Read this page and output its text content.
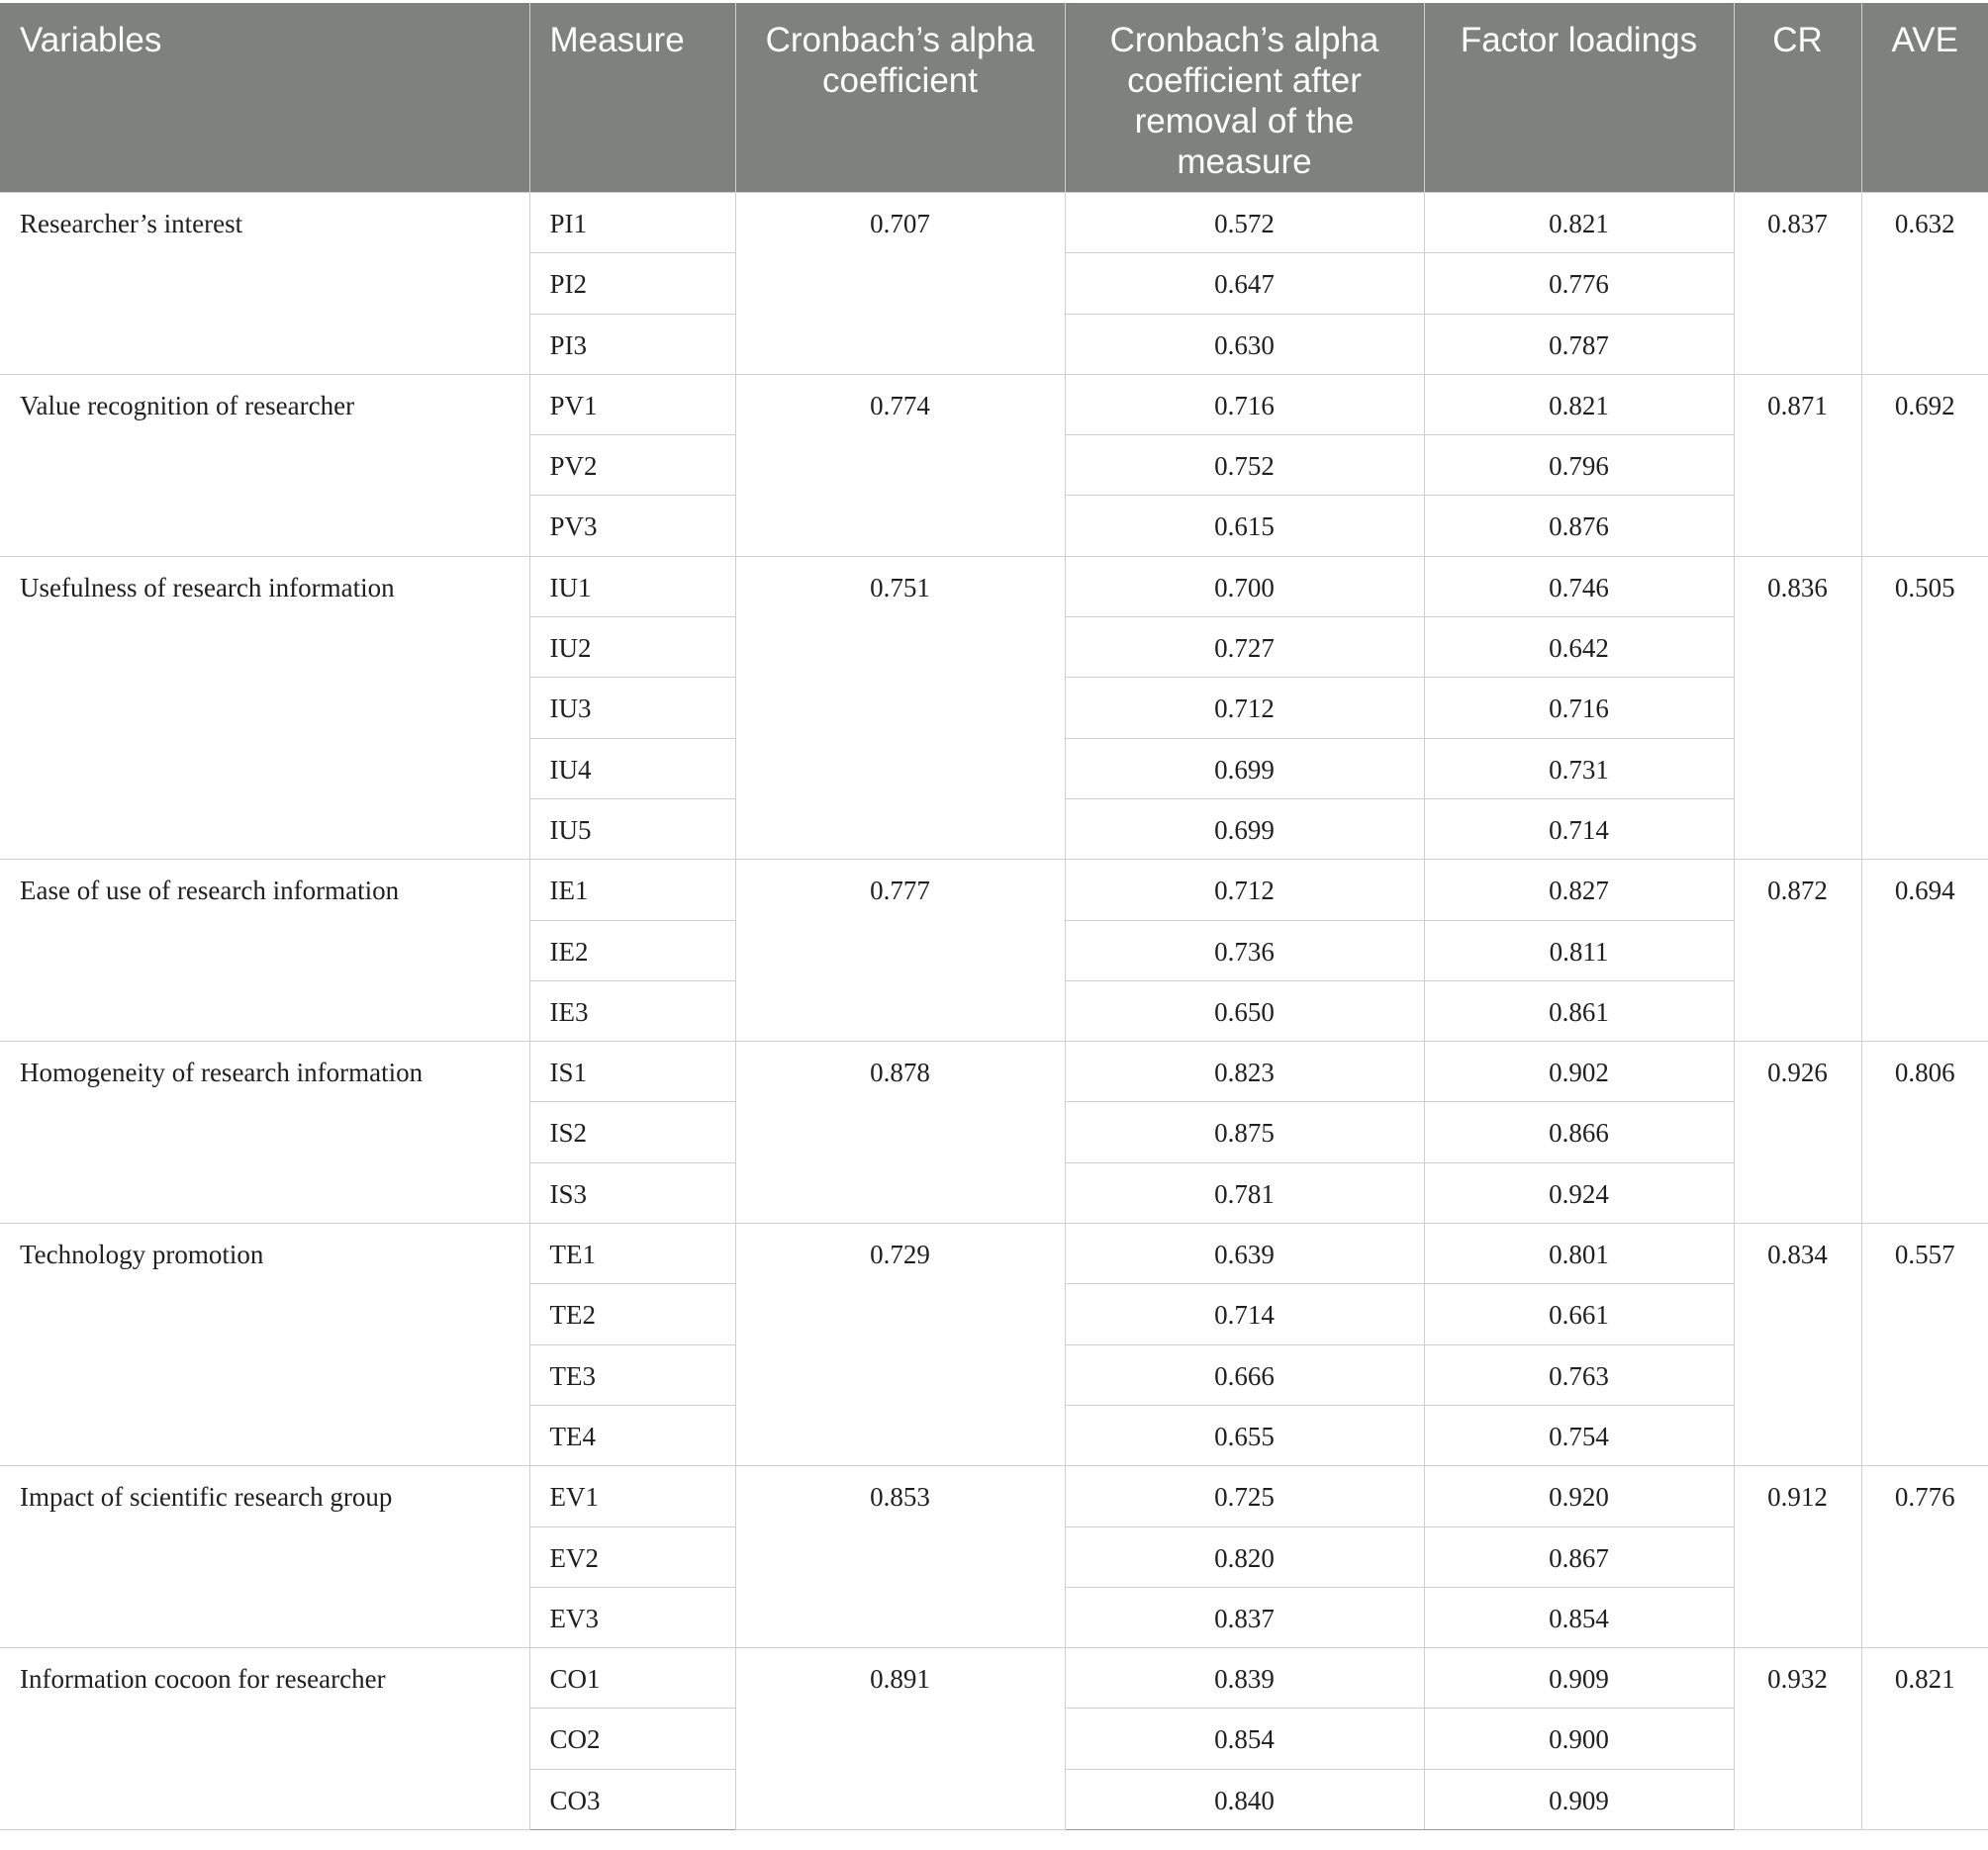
Variables	Measure	Cronbach’s alpha coefficient	Cronbach’s alpha coefficient after removal of the measure	Factor loadings	CR	AVE
Researcher’s interest	PI1	0.707	0.572	0.821	0.837	0.632
	PI2		0.647	0.776		
	PI3		0.630	0.787		
Value recognition of researcher	PV1	0.774	0.716	0.821	0.871	0.692
	PV2		0.752	0.796		
	PV3		0.615	0.876		
Usefulness of research information	IU1	0.751	0.700	0.746	0.836	0.505
	IU2		0.727	0.642		
	IU3		0.712	0.716		
	IU4		0.699	0.731		
	IU5		0.699	0.714		
Ease of use of research information	IE1	0.777	0.712	0.827	0.872	0.694
	IE2		0.736	0.811		
	IE3		0.650	0.861		
Homogeneity of research information	IS1	0.878	0.823	0.902	0.926	0.806
	IS2		0.875	0.866		
	IS3		0.781	0.924		
Technology promotion	TE1	0.729	0.639	0.801	0.834	0.557
	TE2		0.714	0.661		
	TE3		0.666	0.763		
	TE4		0.655	0.754		
Impact of scientific research group	EV1	0.853	0.725	0.920	0.912	0.776
	EV2		0.820	0.867		
	EV3		0.837	0.854		
Information cocoon for researcher	CO1	0.891	0.839	0.909	0.932	0.821
	CO2		0.854	0.900		
	CO3		0.840	0.909		
